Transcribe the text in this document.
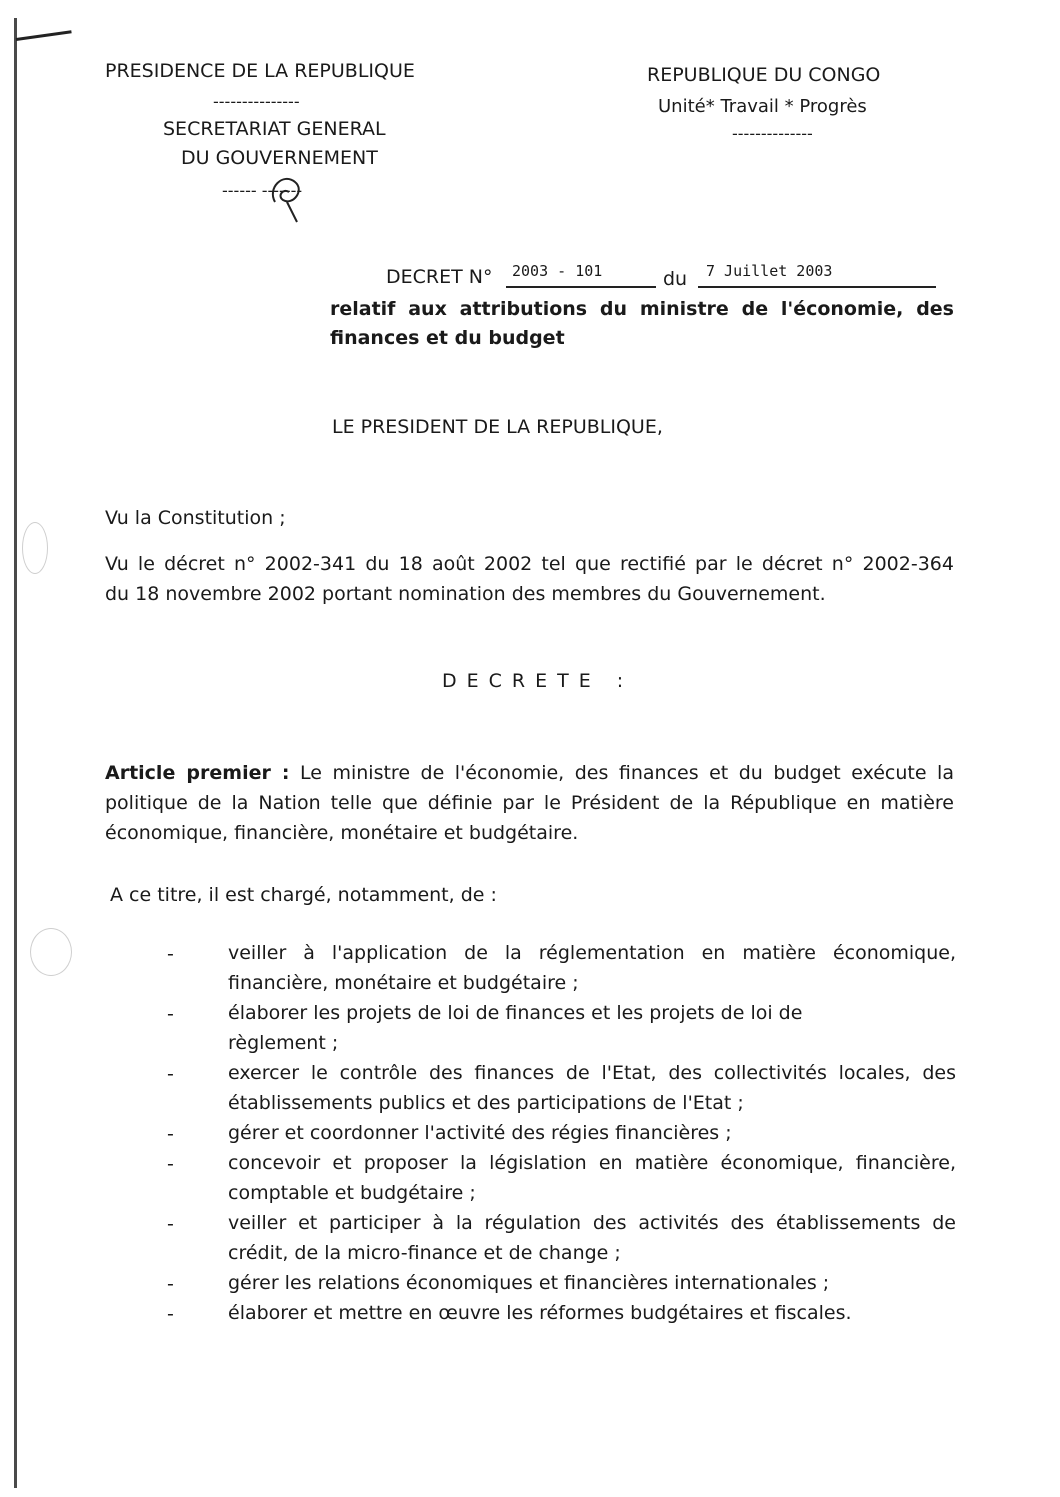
PRESIDENCE DE LA REPUBLIQUE
---------------
SECRETARIAT GENERAL
DU GOUVERNEMENT
------ -------
REPUBLIQUE DU CONGO
Unité* Travail * Progrès
--------------
DECRET N° 2003 - 101	du 7 Juillet 2003
relatif aux attributions du ministre de l'économie, des
finances et du budget
LE PRESIDENT DE LA REPUBLIQUE,
Vu la Constitution ;
Vu le décret n° 2002-341 du 18 août 2002 tel que rectifié par le décret n° 2002-364
du 18 novembre 2002 portant nomination des membres du Gouvernement.
DECRETE :
Article premier : Le ministre de l'économie, des finances et du budget exécute la
politique de la Nation telle que définie par le Président de la République en matière
économique, financière, monétaire et budgétaire.
A ce titre, il est chargé, notamment, de :
-	veiller à l'application de la réglementation en matière économique,
financière, monétaire et budgétaire ;
-	élaborer les projets de loi de finances et les projets de loi de
règlement ;
-	exercer le contrôle des finances de l'Etat, des collectivités locales, des
établissements publics et des participations de l'Etat ;
-	gérer et coordonner l'activité des régies financières ;
-	concevoir et proposer la législation en matière économique, financière,
comptable et budgétaire ;
-	veiller et participer à la régulation des activités des établissements de
crédit, de la micro-finance et de change ;
-	gérer les relations économiques et financières internationales ;
-	élaborer et mettre en œuvre les réformes budgétaires et fiscales.
